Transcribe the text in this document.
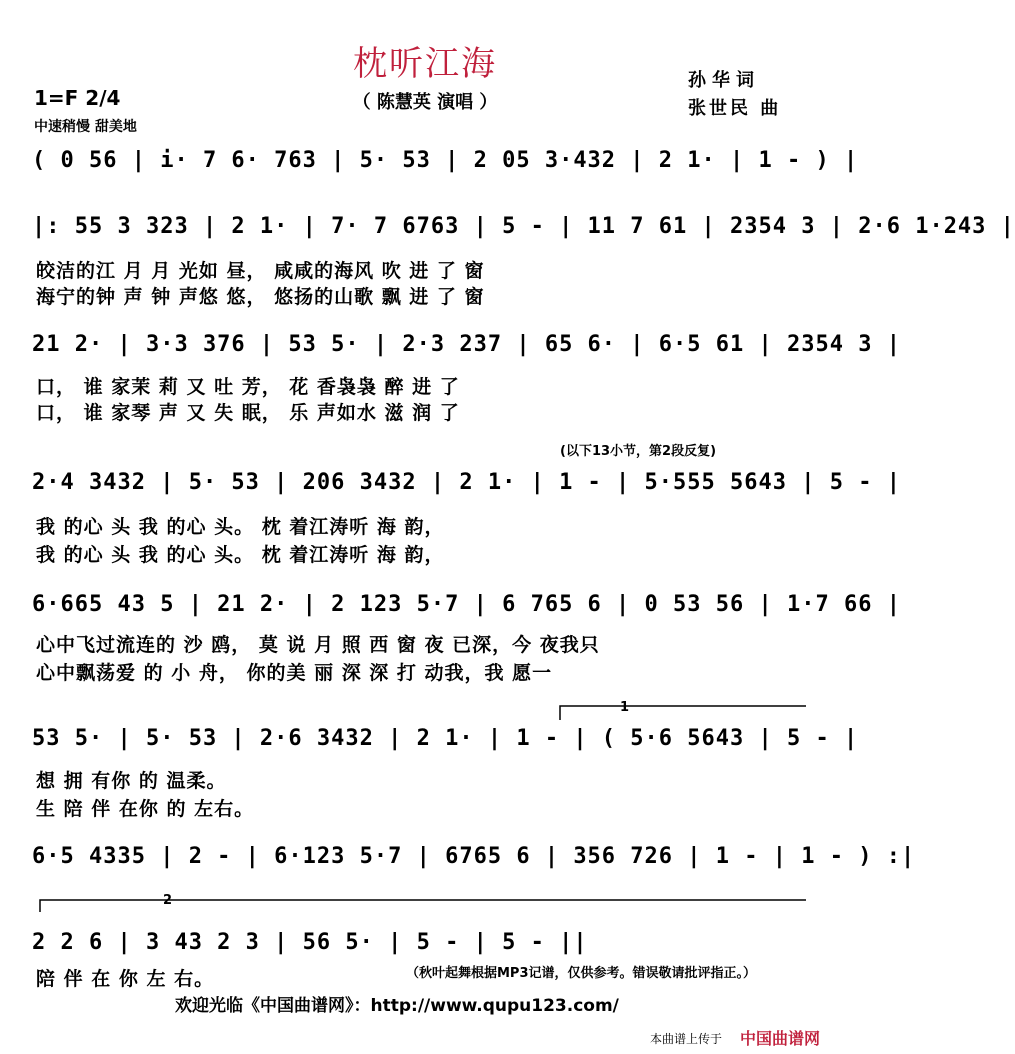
枕听江海
（ 陈慧英 演唱 ）
孙华词
张世民 曲
1=F 2/4
中速稍慢 甜美地
( 0 56 | i· 7 6· 763 | 5· 53 | 2 05 3·432 | 2 1· | 1 - ) |
|: 55 3 323 | 2 1· | 7· 7 6763 | 5 - | 11 7 61 | 2354 3 | 2·6 1·243 |
皎洁的江 月 月 光如 昼， 咸咸的海风 吹 进 了 窗
海宁的钟 声 钟 声悠 悠， 悠扬的山歌 飘 进 了 窗
21 2· | 3·3 376 | 53 5· | 2·3 237 | 65 6· | 6·5 61 | 2354 3 |
口， 谁 家茉 莉 又 吐 芳， 花 香袅袅 醉 进 了
口， 谁 家琴 声 又 失 眠， 乐 声如水 滋 润 了
(以下13小节，第2段反复)
2·4 3432 | 5· 53 | 206 3432 | 2 1· | 1 - | 5·555 5643 | 5 - |
我 的心 头 我 的心 头。 枕 着江涛听 海 韵，
我 的心 头 我 的心 头。 枕 着江涛听 海 韵，
6·665 43 5 | 21 2· | 2 123 5·7 | 6 765 6 | 0 53 56 | 1·7 66 |
心中飞过流连的 沙 鸥， 莫 说 月 照 西 窗 夜 已深，今 夜我只
心中飘荡爱 的 小 舟， 你的美 丽 深 深 打 动我，我 愿一
1
53 5· | 5· 53 | 2·6 3432 | 2 1· | 1 - | ( 5·6 5643 | 5 - |
想 拥 有你 的 温柔。
生 陪 伴 在你 的 左右。
6·5 4335 | 2 - | 6·123 5·7 | 6765 6 | 356 726 | 1 - | 1 - ) :|
2
2 2 6 | 3 43 2 3 | 56 5· | 5 - | 5 - ||
陪 伴 在 你 左 右。	（秋叶起舞根据MP3记谱，仅供参考。错误敬请批评指正。）
欢迎光临《中国曲谱网》：http://www.qupu123.com/
本曲谱上传于 中国曲谱网
